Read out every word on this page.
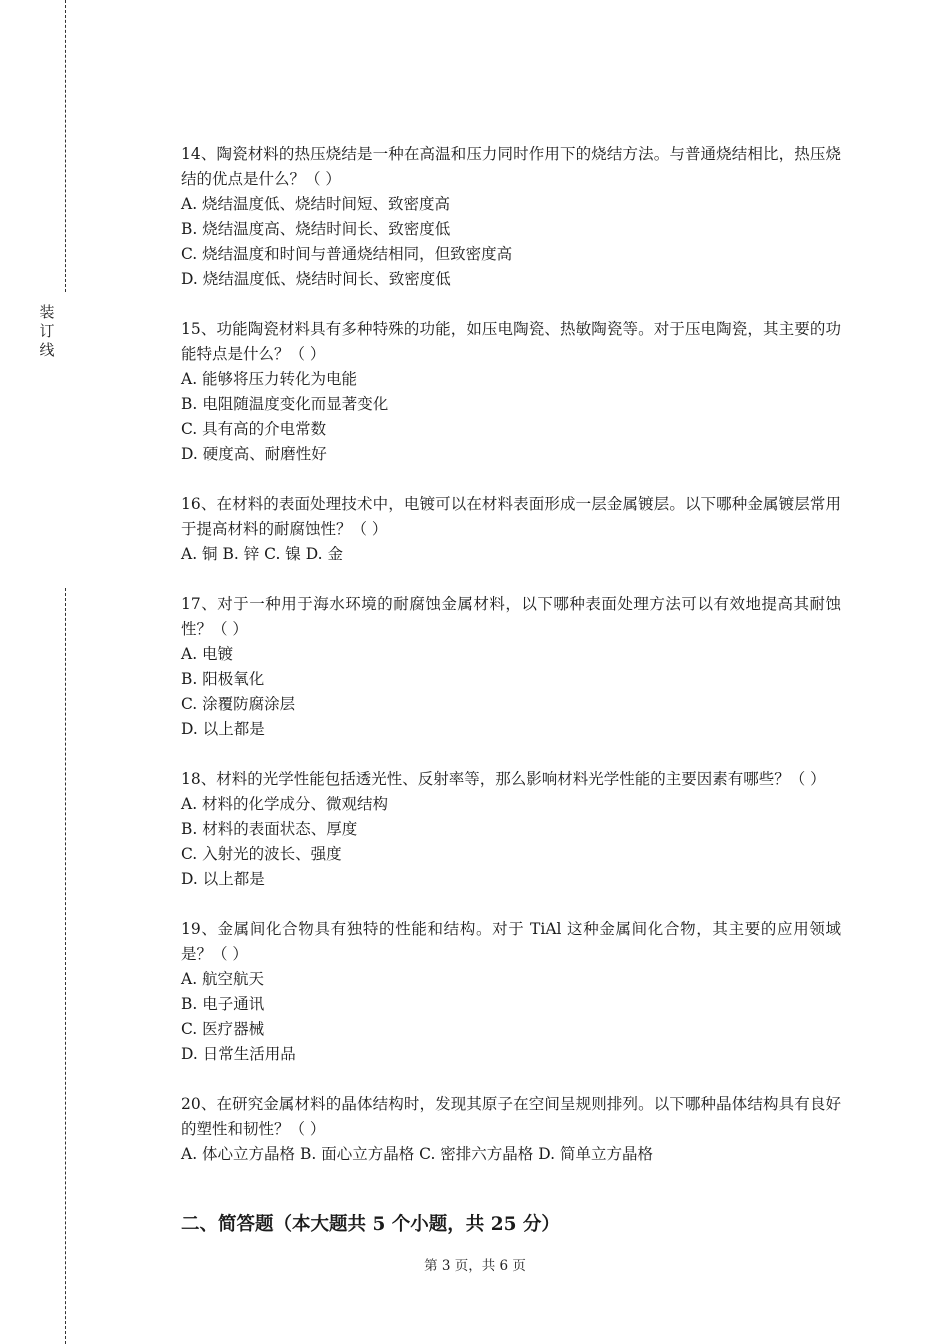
装
订
线

14、陶瓷材料的热压烧结是一种在高温和压力同时作用下的烧结方法。与普通烧结相比，热压烧结的优点是什么？（ ）

A. 烧结温度低、烧结时间短、致密度高

B. 烧结温度高、烧结时间长、致密度低

C. 烧结温度和时间与普通烧结相同，但致密度高

D. 烧结温度低、烧结时间长、致密度低

15、功能陶瓷材料具有多种特殊的功能，如压电陶瓷、热敏陶瓷等。对于压电陶瓷，其主要的功能特点是什么？（ ）

A. 能够将压力转化为电能

B. 电阻随温度变化而显著变化

C. 具有高的介电常数

D. 硬度高、耐磨性好

16、在材料的表面处理技术中，电镀可以在材料表面形成一层金属镀层。以下哪种金属镀层常用于提高材料的耐腐蚀性？（ ）

A. 铜 B. 锌 C. 镍 D. 金

17、对于一种用于海水环境的耐腐蚀金属材料，以下哪种表面处理方法可以有效地提高其耐蚀性？（ ）

A. 电镀

B. 阳极氧化

C. 涂覆防腐涂层

D. 以上都是

18、材料的光学性能包括透光性、反射率等，那么影响材料光学性能的主要因素有哪些？（ ）

A. 材料的化学成分、微观结构

B. 材料的表面状态、厚度

C. 入射光的波长、强度

D. 以上都是

19、金属间化合物具有独特的性能和结构。对于 TiAl 这种金属间化合物，其主要的应用领域是？（ ）

A. 航空航天

B. 电子通讯

C. 医疗器械

D. 日常生活用品

20、在研究金属材料的晶体结构时，发现其原子在空间呈规则排列。以下哪种晶体结构具有良好的塑性和韧性？（ ）

A. 体心立方晶格 B. 面心立方晶格 C. 密排六方晶格 D. 简单立方晶格

二、简答题（本大题共 5 个小题，共 25 分）
第 3 页，共 6 页
